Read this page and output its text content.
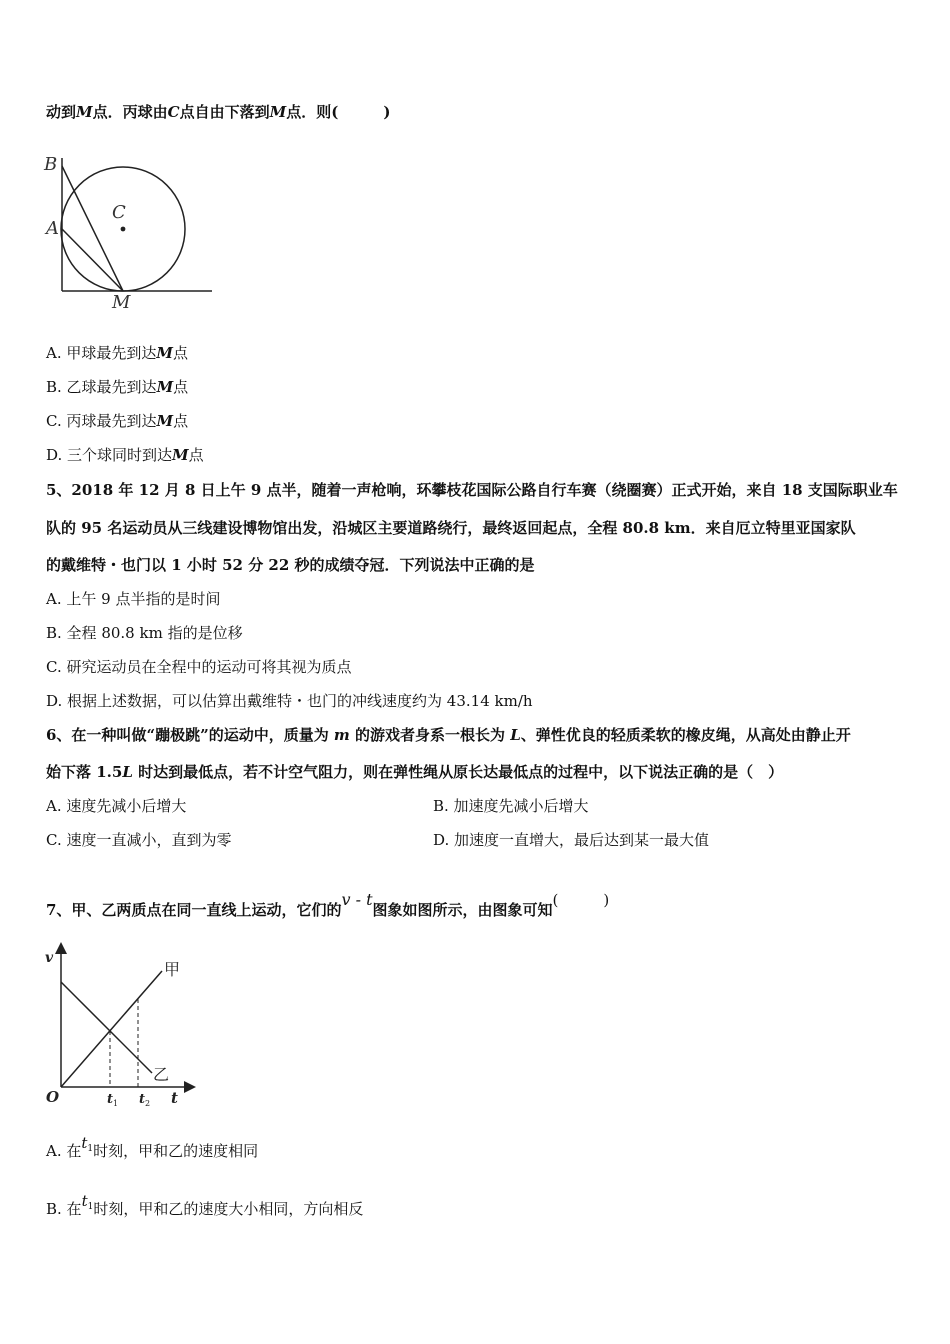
动到M点．丙球由C点自由下落到M点．则(　　　)
B
A
C
M
A. 甲球最先到达M点
B. 乙球最先到达M点
C. 丙球最先到达M点
D. 三个球同时到达M点
5、2018 年 12 月 8 日上午 9 点半，随着一声枪响，环攀枝花国际公路自行车赛（绕圈赛）正式开始，来自 18 支国际职业车
队的 95 名运动员从三线建设博物馆出发，沿城区主要道路绕行，最终返回起点，全程 80.8 km．来自厄立特里亚国家队
的戴维特・也门以 1 小时 52 分 22 秒的成绩夺冠．下列说法中正确的是
A. 上午 9 点半指的是时间
B. 全程 80.8 km 指的是位移
C. 研究运动员在全程中的运动可将其视为质点
D. 根据上述数据，可以估算出戴维特・也门的冲线速度约为 43.14 km/h
6、在一种叫做“蹦极跳”的运动中，质量为 m 的游戏者身系一根长为 L、弹性优良的轻质柔软的橡皮绳，从高处由静止开
始下落 1.5L 时达到最低点，若不计空气阻力，则在弹性绳从原长达最低点的过程中，以下说法正确的是（　）
A. 速度先减小后增大	B. 加速度先减小后增大
C. 速度一直减小，直到为零	D. 加速度一直增大，最后达到某一最大值
7、甲、乙两质点在同一直线上运动，它们的v - t图象如图所示，由图象可知(　　　)
v
O	t
t 1 t 2
甲
乙
A. 在$t^1$时刻，甲和乙的速度相同
B. 在$t^1$时刻，甲和乙的速度大小相同，方向相反
